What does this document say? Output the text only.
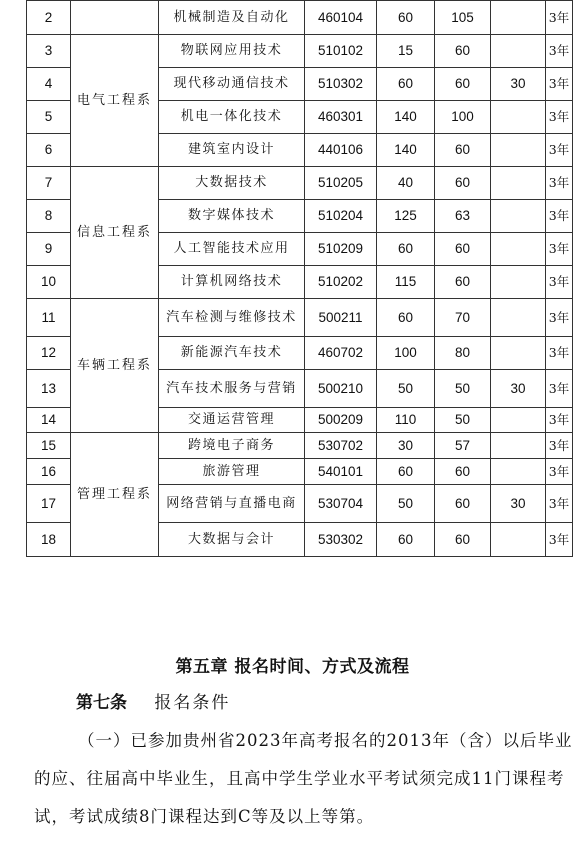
2		机械制造及自动化	460104	60	105		3年
3	电气工程系	物联网应用技术	510102	15	60		3年
4		现代移动通信技术	510302	60	60	30	3年
5		机电一体化技术	460301	140	100		3年
6		建筑室内设计	440106	140	60		3年
7	信息工程系	大数据技术	510205	40	60		3年
8		数字媒体技术	510204	125	63		3年
9		人工智能技术应用	510209	60	60		3年
10		计算机网络技术	510202	115	60		3年
11	车辆工程系	汽车检测与维修技术	500211	60	70		3年
12		新能源汽车技术	460702	100	80		3年
13		汽车技术服务与营销	500210	50	50	30	3年
14		交通运营管理	500209	110	50		3年
15	管理工程系	跨境电子商务	530702	30	57		3年
16		旅游管理	540101	60	60		3年
17		网络营销与直播电商	530704	50	60	30	3年
18		大数据与会计	530302	60	60		3年
第五章 报名时间、方式及流程
第七条 报名条件

（一）已参加贵州省2023年高考报名的2013年（含）以后毕业的应、往届高中毕业生，且高中学生学业水平考试须完成11门课程考试，考试成绩8门课程达到C等及以上等第。
